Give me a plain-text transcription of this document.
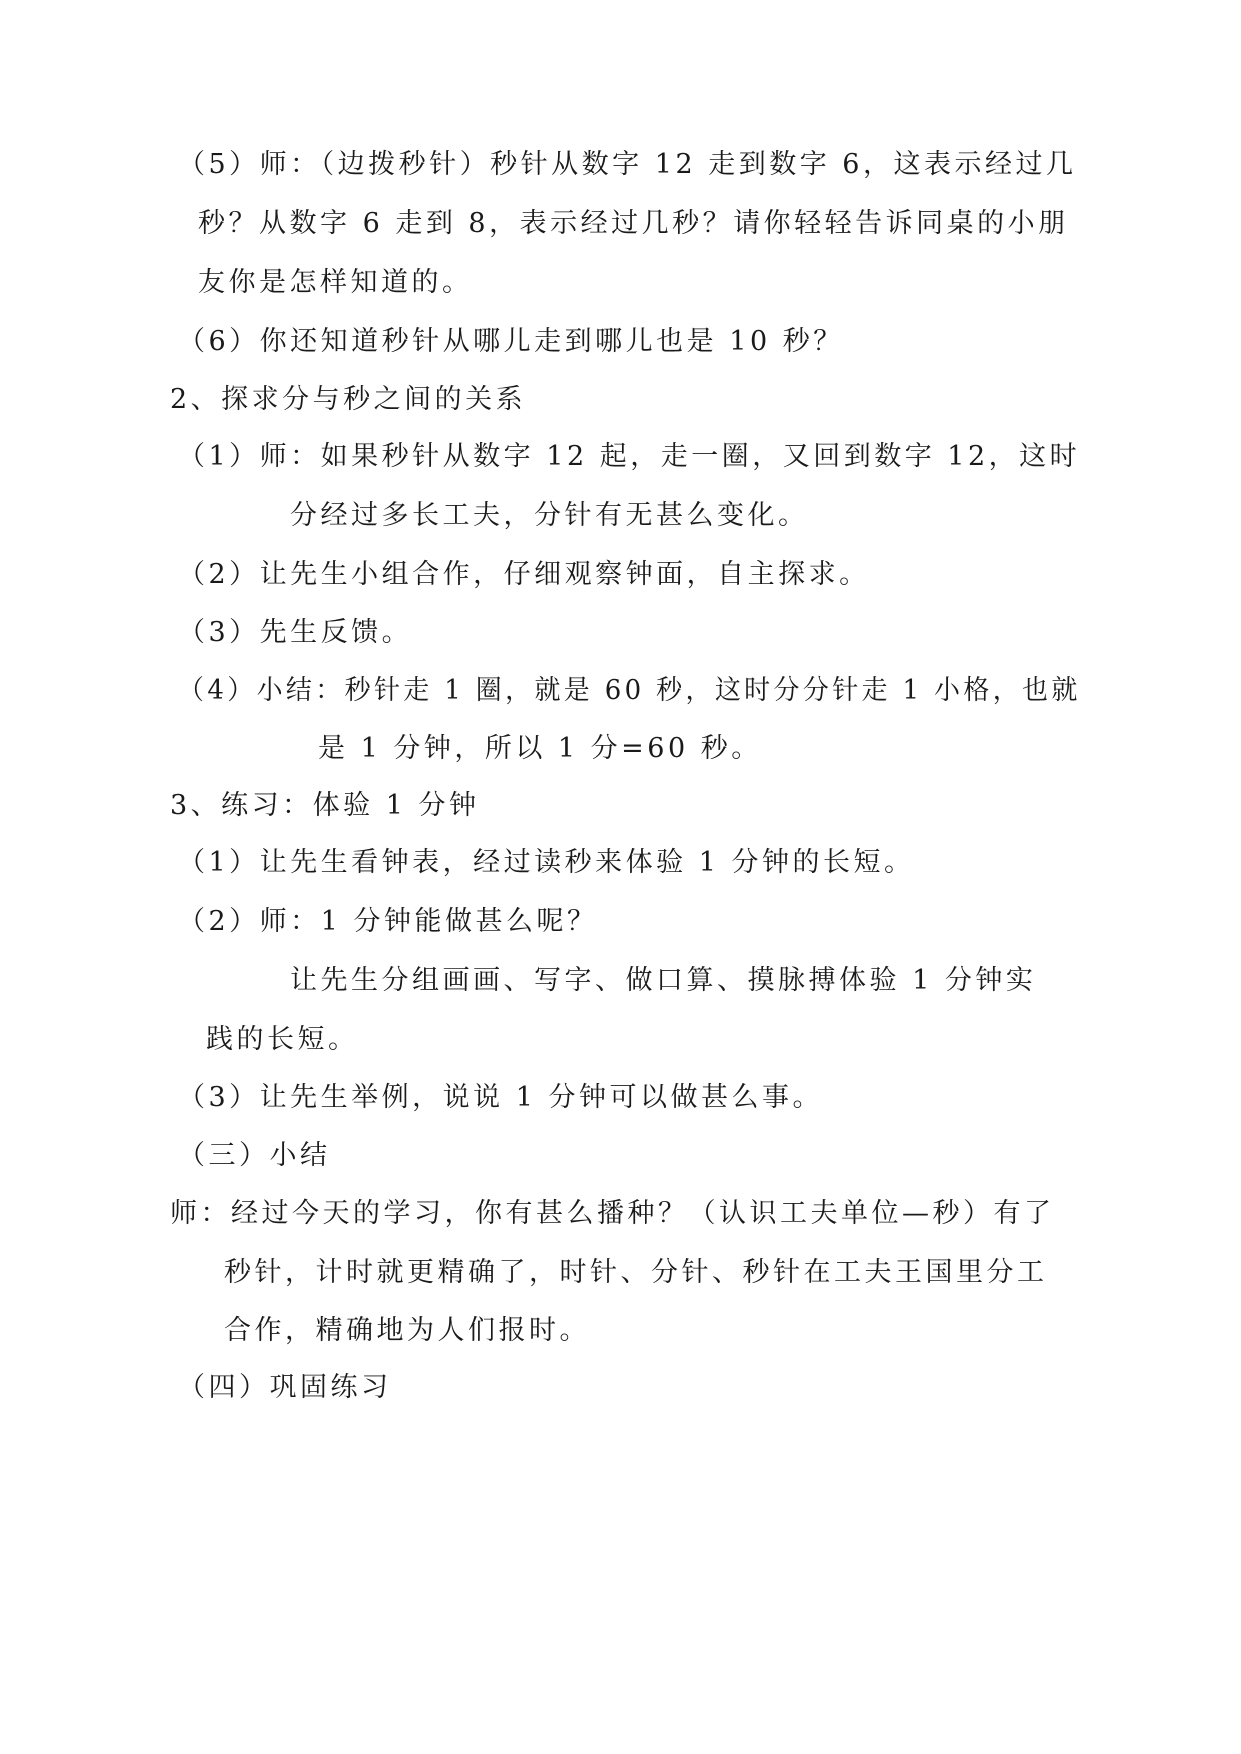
（5）师：（边拨秒针）秒针从数字 12 走到数字 6，这表示经过几
秒？从数字 6 走到 8，表示经过几秒？请你轻轻告诉同桌的小朋
友你是怎样知道的。
（6）你还知道秒针从哪儿走到哪儿也是 10 秒？
2、探求分与秒之间的关系
（1）师：如果秒针从数字 12 起，走一圈，又回到数字 12，这时
分经过多长工夫，分针有无甚么变化。
（2）让先生小组合作，仔细观察钟面，自主探求。
（3）先生反馈。
（4）小结：秒针走 1 圈，就是 60 秒，这时分分针走 1 小格，也就
是 1 分钟，所以 1 分=60 秒。
3、练习：体验 1 分钟
（1）让先生看钟表，经过读秒来体验 1 分钟的长短。
（2）师：1 分钟能做甚么呢？
让先生分组画画、写字、做口算、摸脉搏体验 1 分钟实
践的长短。
（3）让先生举例，说说 1 分钟可以做甚么事。
（三）小结
师：经过今天的学习，你有甚么播种？（认识工夫单位—秒）有了
秒针，计时就更精确了，时针、分针、秒针在工夫王国里分工
合作，精确地为人们报时。
（四）巩固练习
